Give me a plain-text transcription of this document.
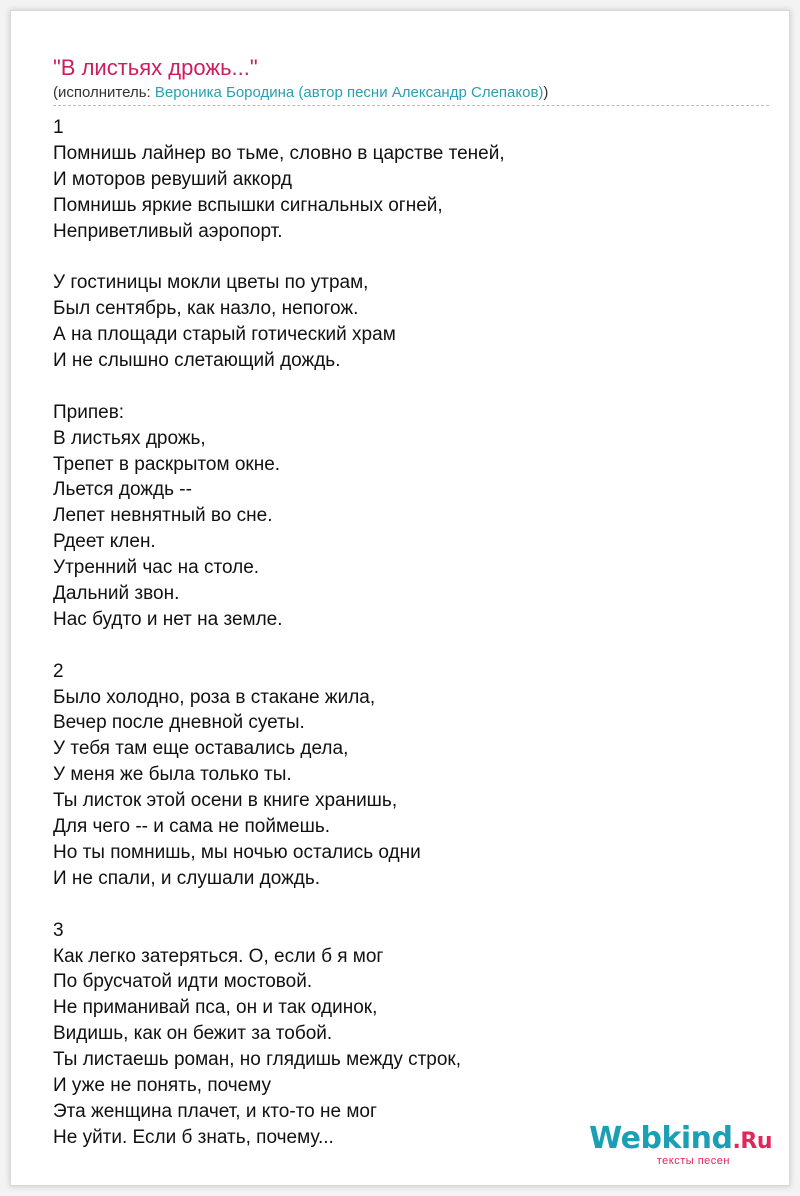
"В листьях дрожь..."
(исполнитель: Вероника Бородина (автор песни Александр Слепаков))
1
Помнишь лайнер во тьме, словно в царстве теней,
И моторов ревуший аккорд
Помнишь яркие вспышки сигнальных огней,
Неприветливый аэропорт.
У гостиницы мокли цветы по утрам,
Был сентябрь, как назло, непогож.
А на площади старый готический храм
И не слышно слетающий дождь.
Припев:
В листьях дрожь,
Трепет в раскрытом окне.
Льется дождь --
Лепет невнятный во сне.
Рдеет клен.
Утренний час на столе.
Дальний звон.
Нас будто и нет на земле.
2
Было холодно, роза в стакане жила,
Вечер после дневной суеты.
У тебя там еще оставались дела,
У меня же была только ты.
Ты листок этой осени в книге хранишь,
Для чего -- и сама не поймешь.
Но ты помнишь, мы ночью остались одни
И не спали, и слушали дождь.
3
Как легко затеряться. О, если б я мог
По брусчатой идти мостовой.
Не приманивай пса, он и так одинок,
Видишь, как он бежит за тобой.
Ты листаешь роман, но глядишь между строк,
И уже не понять, почему
Эта женщина плачет, и кто-то не мог
Не уйти. Если б знать, почему...	Webkind.Ru
тексты песен
